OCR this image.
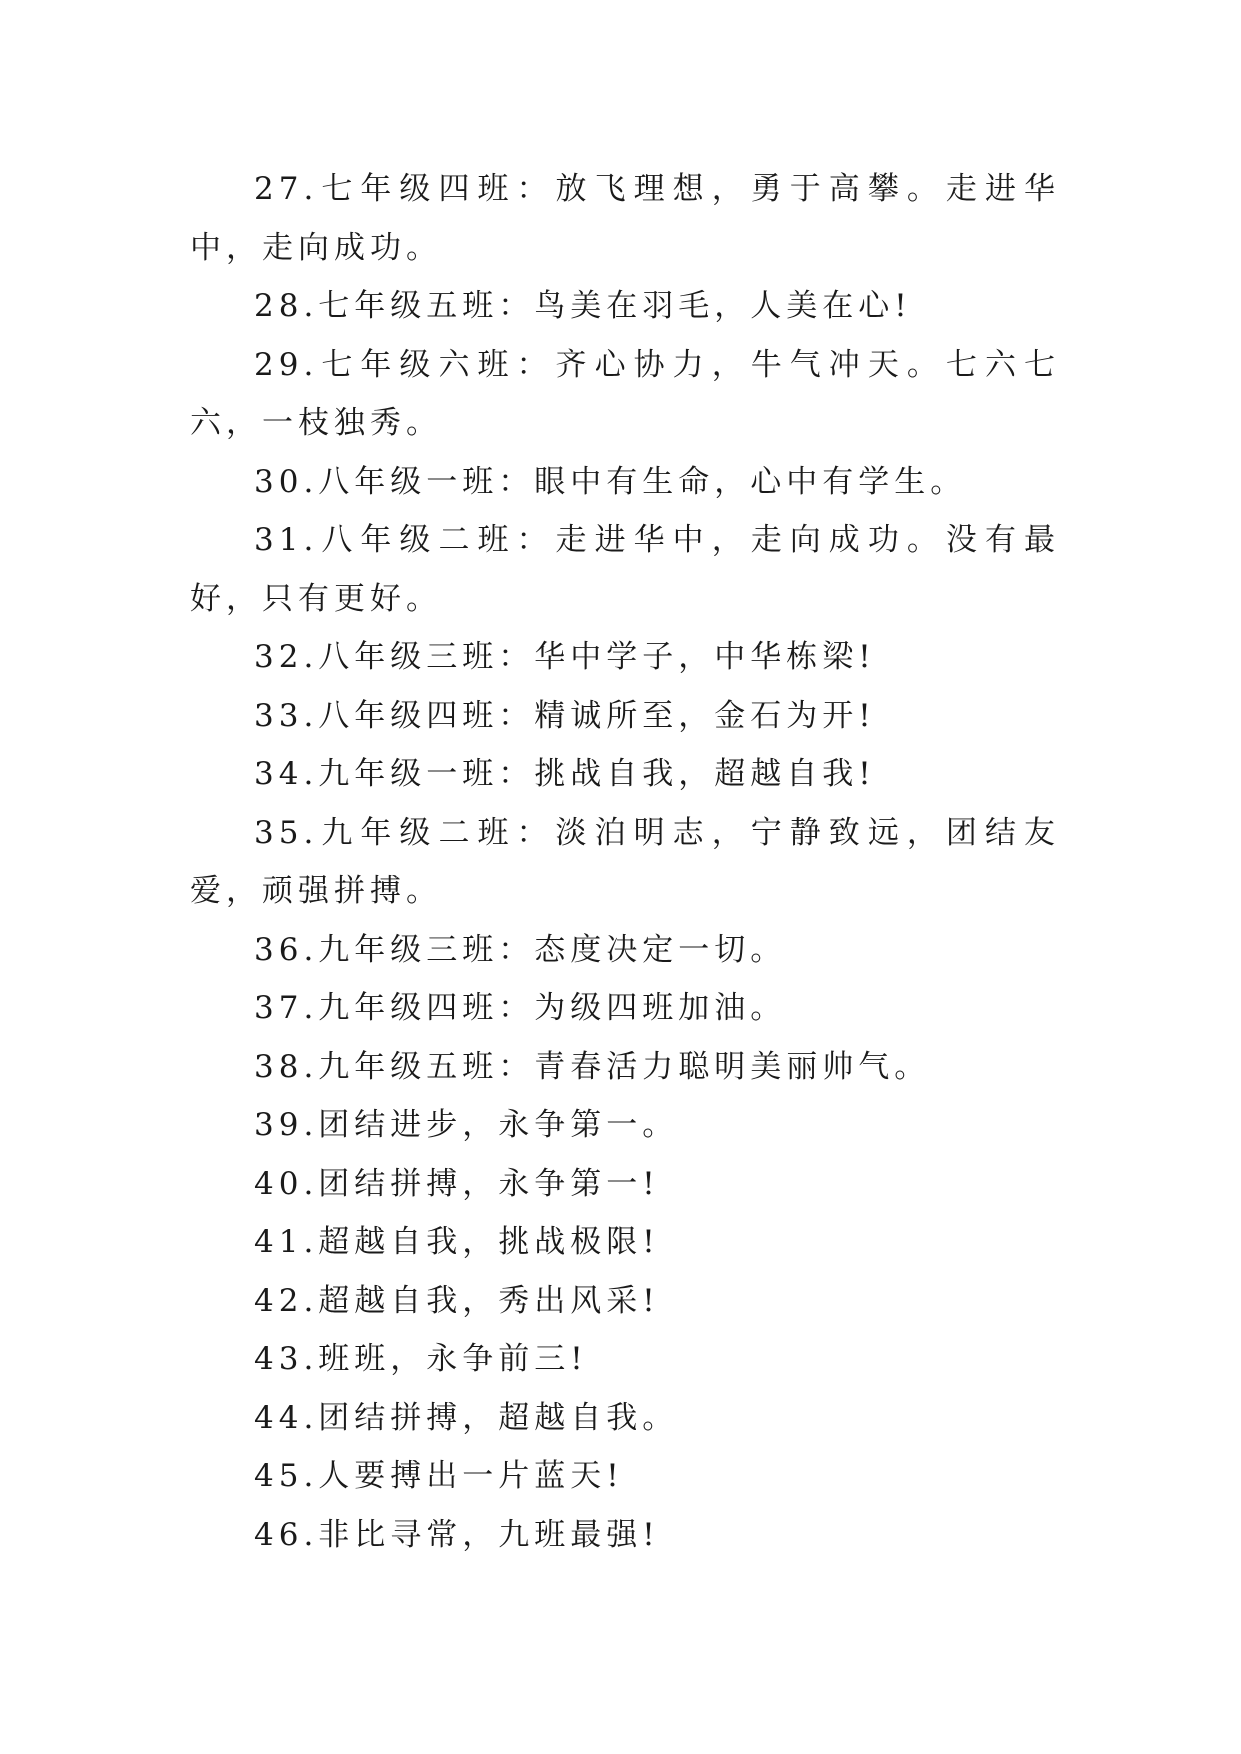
27.七年级四班：放飞理想，勇于高攀。走进华中，走向成功。

28.七年级五班：鸟美在羽毛，人美在心!

29.七年级六班：齐心协力，牛气冲天。七六七六，一枝独秀。

30.八年级一班：眼中有生命，心中有学生。

31.八年级二班：走进华中，走向成功。没有最好，只有更好。

32.八年级三班：华中学子，中华栋梁!

33.八年级四班：精诚所至，金石为开!

34.九年级一班：挑战自我，超越自我!

35.九年级二班：淡泊明志，宁静致远，团结友爱，顽强拼搏。

36.九年级三班：态度决定一切。

37.九年级四班：为级四班加油。

38.九年级五班：青春活力聪明美丽帅气。

39.团结进步，永争第一。

40.团结拼搏，永争第一!

41.超越自我，挑战极限!

42.超越自我，秀出风采!

43.班班，永争前三!

44.团结拼搏，超越自我。

45.人要搏出一片蓝天!

46.非比寻常，九班最强!
